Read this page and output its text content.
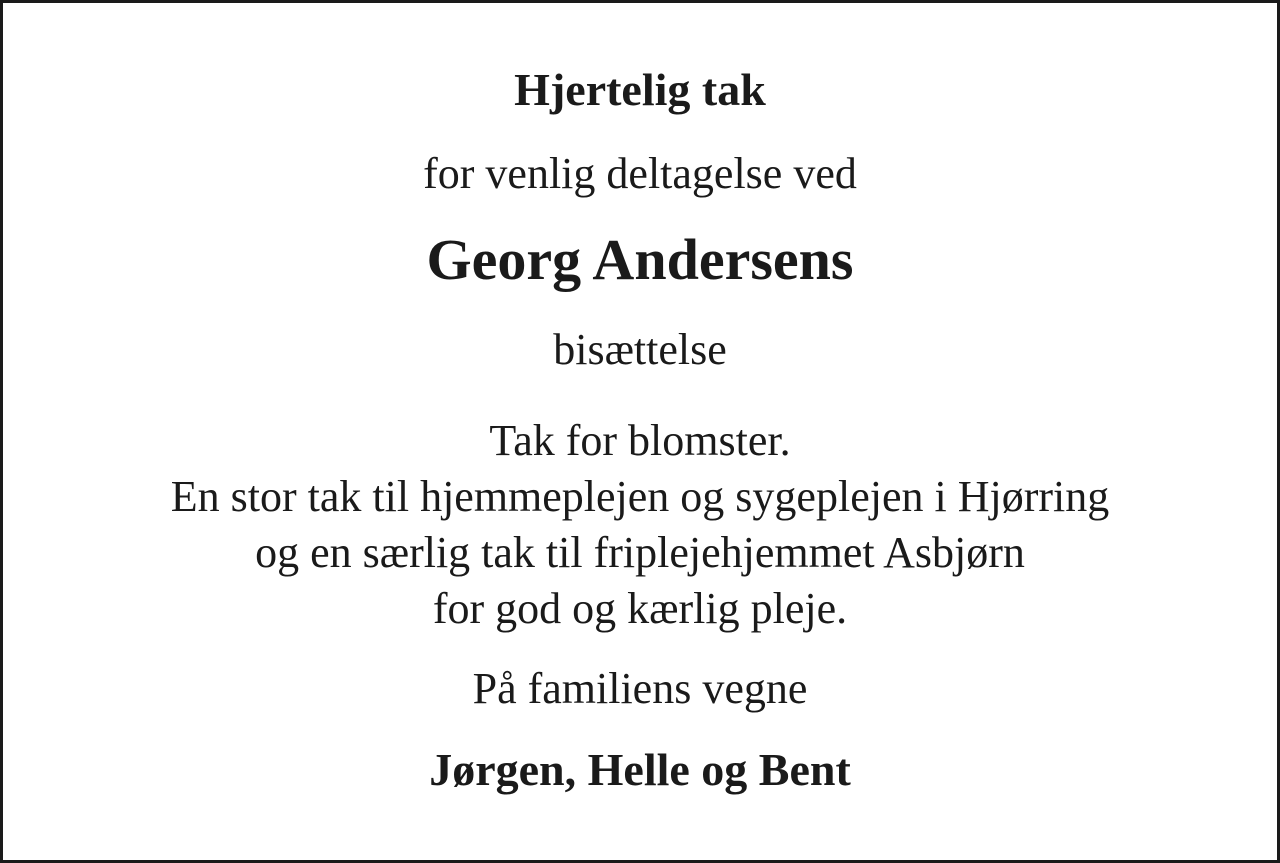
Hjertelig tak

for venlig deltagelse ved

Georg Andersens

bisættelse

Tak for blomster.
En stor tak til hjemmeplejen og sygeplejen i Hjørring
og en særlig tak til friplejehjemmet Asbjørn
for god og kærlig pleje.

På familiens vegne

Jørgen, Helle og Bent
